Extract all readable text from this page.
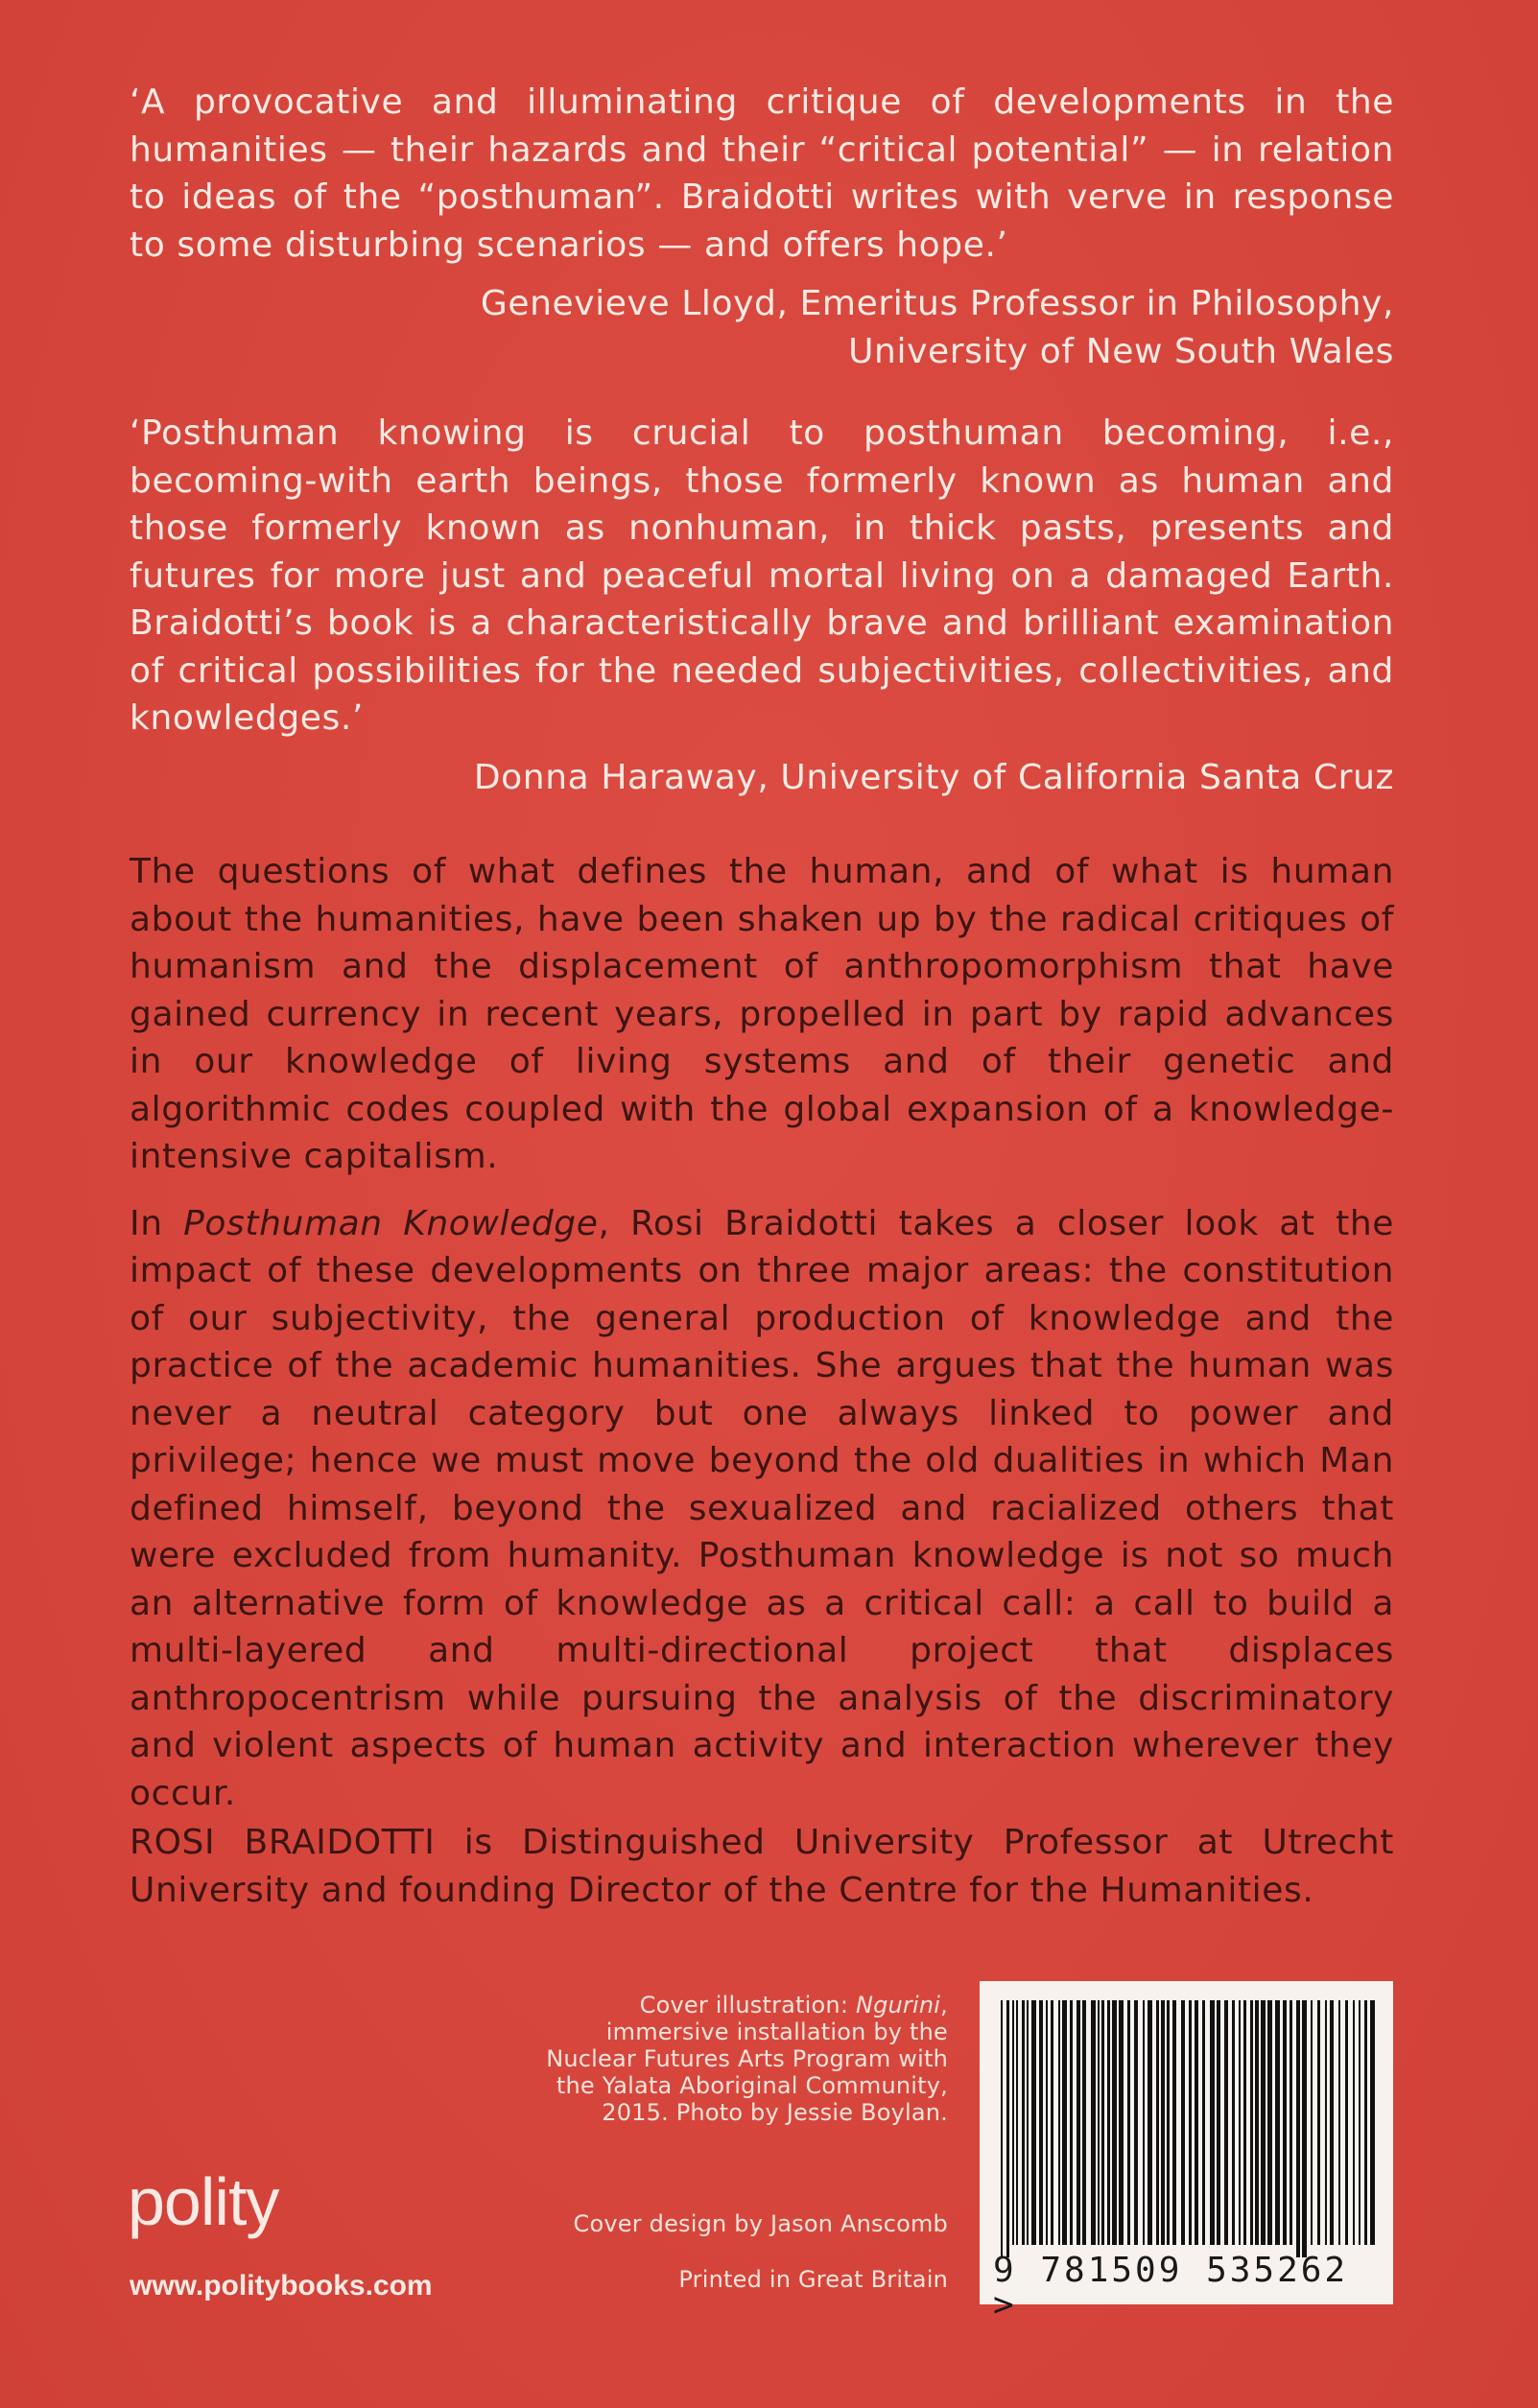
‘A provocative and illuminating critique of developments in the humanities — their hazards and their “critical potential” — in relation to ideas of the “posthuman”. Braidotti writes with verve in response to some disturbing scenarios — and offers hope.’

Genevieve Lloyd, Emeritus Professor in Philosophy,

University of New South Wales

‘Posthuman knowing is crucial to posthuman becoming, i.e., becoming-with earth beings, those formerly known as human and those formerly known as nonhuman, in thick pasts, presents and futures for more just and peaceful mortal living on a damaged Earth. Braidotti’s book is a characteristically brave and brilliant examination of critical possibilities for the needed subjectivities, collectivities, and knowledges.’

Donna Haraway, University of California Santa Cruz

The questions of what defines the human, and of what is human about the humanities, have been shaken up by the radical critiques of humanism and the displacement of anthropomorphism that have gained currency in recent years, propelled in part by rapid advances in our knowledge of living systems and of their genetic and algorithmic codes coupled with the global expansion of a knowledge-intensive capitalism.

In Posthuman Knowledge, Rosi Braidotti takes a closer look at the impact of these developments on three major areas: the constitution of our subjectivity, the general production of knowledge and the practice of the academic humanities. She argues that the human was never a neutral category but one always linked to power and privilege; hence we must move beyond the old dualities in which Man defined himself, beyond the sexualized and racialized others that were excluded from humanity. Posthuman knowledge is not so much an alternative form of knowledge as a critical call: a call to build a multi-layered and multi-directional project that displaces anthropocentrism while pursuing the analysis of the discriminatory and violent aspects of human activity and interaction wherever they occur.

ROSI BRAIDOTTI is Distinguished University Professor at Utrecht University and founding Director of the Centre for the Humanities.

Cover illustration: Ngurini, immersive installation by the Nuclear Futures Arts Program with the Yalata Aboriginal Community, 2015. Photo by Jessie Boylan.

Cover design by Jason Anscomb

Printed in Great Britain

polity

www.politybooks.com	9 781509 535262 >
